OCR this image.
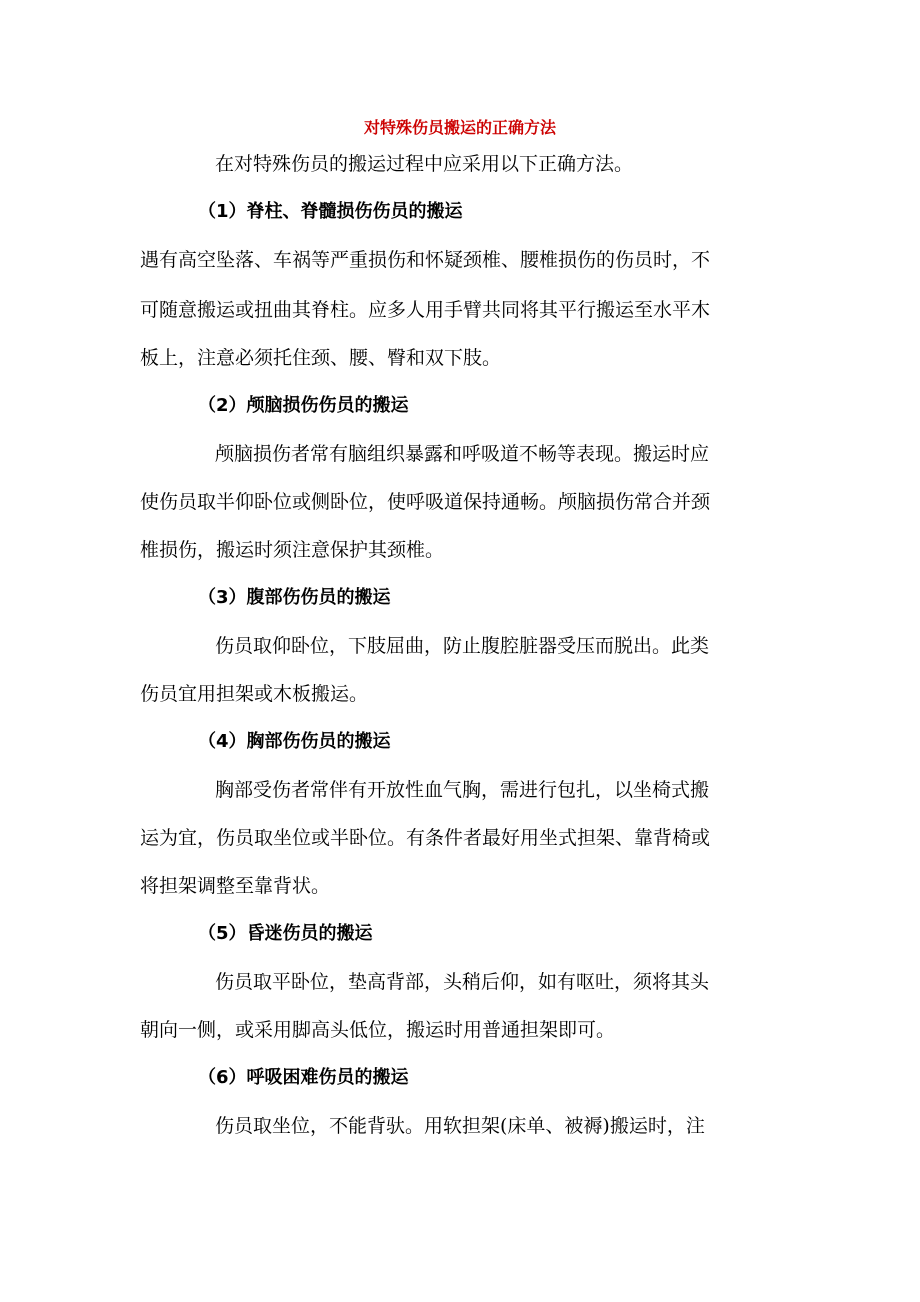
对特殊伤员搬运的正确方法
在对特殊伤员的搬运过程中应采用以下正确方法。
（1）脊柱、脊髓损伤伤员的搬运
遇有高空坠落、车祸等严重损伤和怀疑颈椎、腰椎损伤的伤员时，不
可随意搬运或扭曲其脊柱。应多人用手臂共同将其平行搬运至水平木
板上，注意必须托住颈、腰、臀和双下肢。
（2）颅脑损伤伤员的搬运
颅脑损伤者常有脑组织暴露和呼吸道不畅等表现。搬运时应
使伤员取半仰卧位或侧卧位，使呼吸道保持通畅。颅脑损伤常合并颈
椎损伤，搬运时须注意保护其颈椎。
（3）腹部伤伤员的搬运
伤员取仰卧位，下肢屈曲，防止腹腔脏器受压而脱出。此类
伤员宜用担架或木板搬运。
（4）胸部伤伤员的搬运
胸部受伤者常伴有开放性血气胸，需进行包扎，以坐椅式搬
运为宜，伤员取坐位或半卧位。有条件者最好用坐式担架、靠背椅或
将担架调整至靠背状。
（5）昏迷伤员的搬运
伤员取平卧位，垫高背部，头稍后仰，如有呕吐，须将其头
朝向一侧，或采用脚高头低位，搬运时用普通担架即可。
（6）呼吸困难伤员的搬运
伤员取坐位，不能背驮。用软担架(床单、被褥)搬运时，注
